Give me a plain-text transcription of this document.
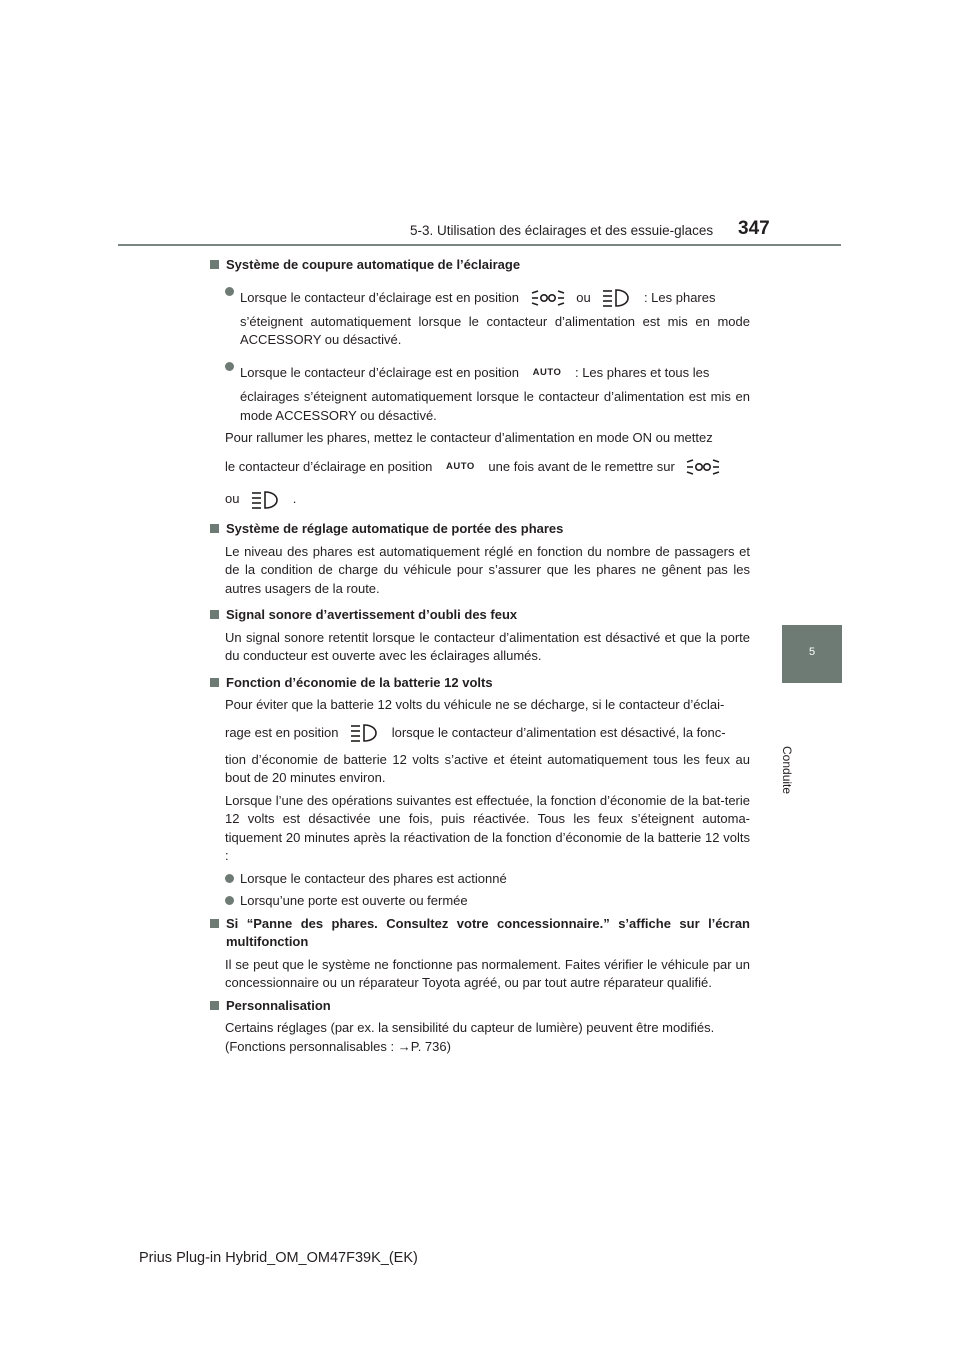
5-3. Utilisation des éclairages et des essuie-glaces 347
5
Conduite
Système de coupure automatique de l’éclairage
Lorsque le contacteur d’éclairage est en position	ou	: Les phares
s’éteignent automatiquement lorsque le contacteur d’alimentation est mis en mode ACCESSORY ou désactivé.
Lorsque le contacteur d’éclairage est en position AUTO : Les phares et tous les
éclairages s’éteignent automatiquement lorsque le contacteur d’alimentation est mis en mode ACCESSORY ou désactivé.
Pour rallumer les phares, mettez le contacteur d’alimentation en mode ON ou mettez
le contacteur d’éclairage en position AUTO une fois avant de le remettre sur
ou	.
Système de réglage automatique de portée des phares
Le niveau des phares est automatiquement réglé en fonction du nombre de passagers et de la condition de charge du véhicule pour s’assurer que les phares ne gênent pas les autres usagers de la route.
Signal sonore d’avertissement d’oubli des feux
Un signal sonore retentit lorsque le contacteur d’alimentation est désactivé et que la porte du conducteur est ouverte avec les éclairages allumés.
Fonction d’économie de la batterie 12 volts
Pour éviter que la batterie 12 volts du véhicule ne se décharge, si le contacteur d’éclai-
rage est en position	lorsque le contacteur d’alimentation est désactivé, la fonc-
tion d’économie de batterie 12 volts s’active et éteint automatiquement tous les feux au bout de 20 minutes environ.
Lorsque l’une des opérations suivantes est effectuée, la fonction d’économie de la bat-terie 12 volts est désactivée une fois, puis réactivée. Tous les feux s’éteignent automa-tiquement 20 minutes après la réactivation de la fonction d’économie de la batterie 12 volts :
Lorsque le contacteur des phares est actionné
Lorsqu’une porte est ouverte ou fermée
Si “Panne des phares. Consultez votre concessionnaire.” s’affiche sur l’écran multifonction
Il se peut que le système ne fonctionne pas normalement. Faites vérifier le véhicule par un concessionnaire ou un réparateur Toyota agréé, ou par tout autre réparateur qualifié.
Personnalisation
Certains réglages (par ex. la sensibilité du capteur de lumière) peuvent être modifiés.
(Fonctions personnalisables : →P. 736)
Prius Plug-in Hybrid_OM_OM47F39K_(EK)
